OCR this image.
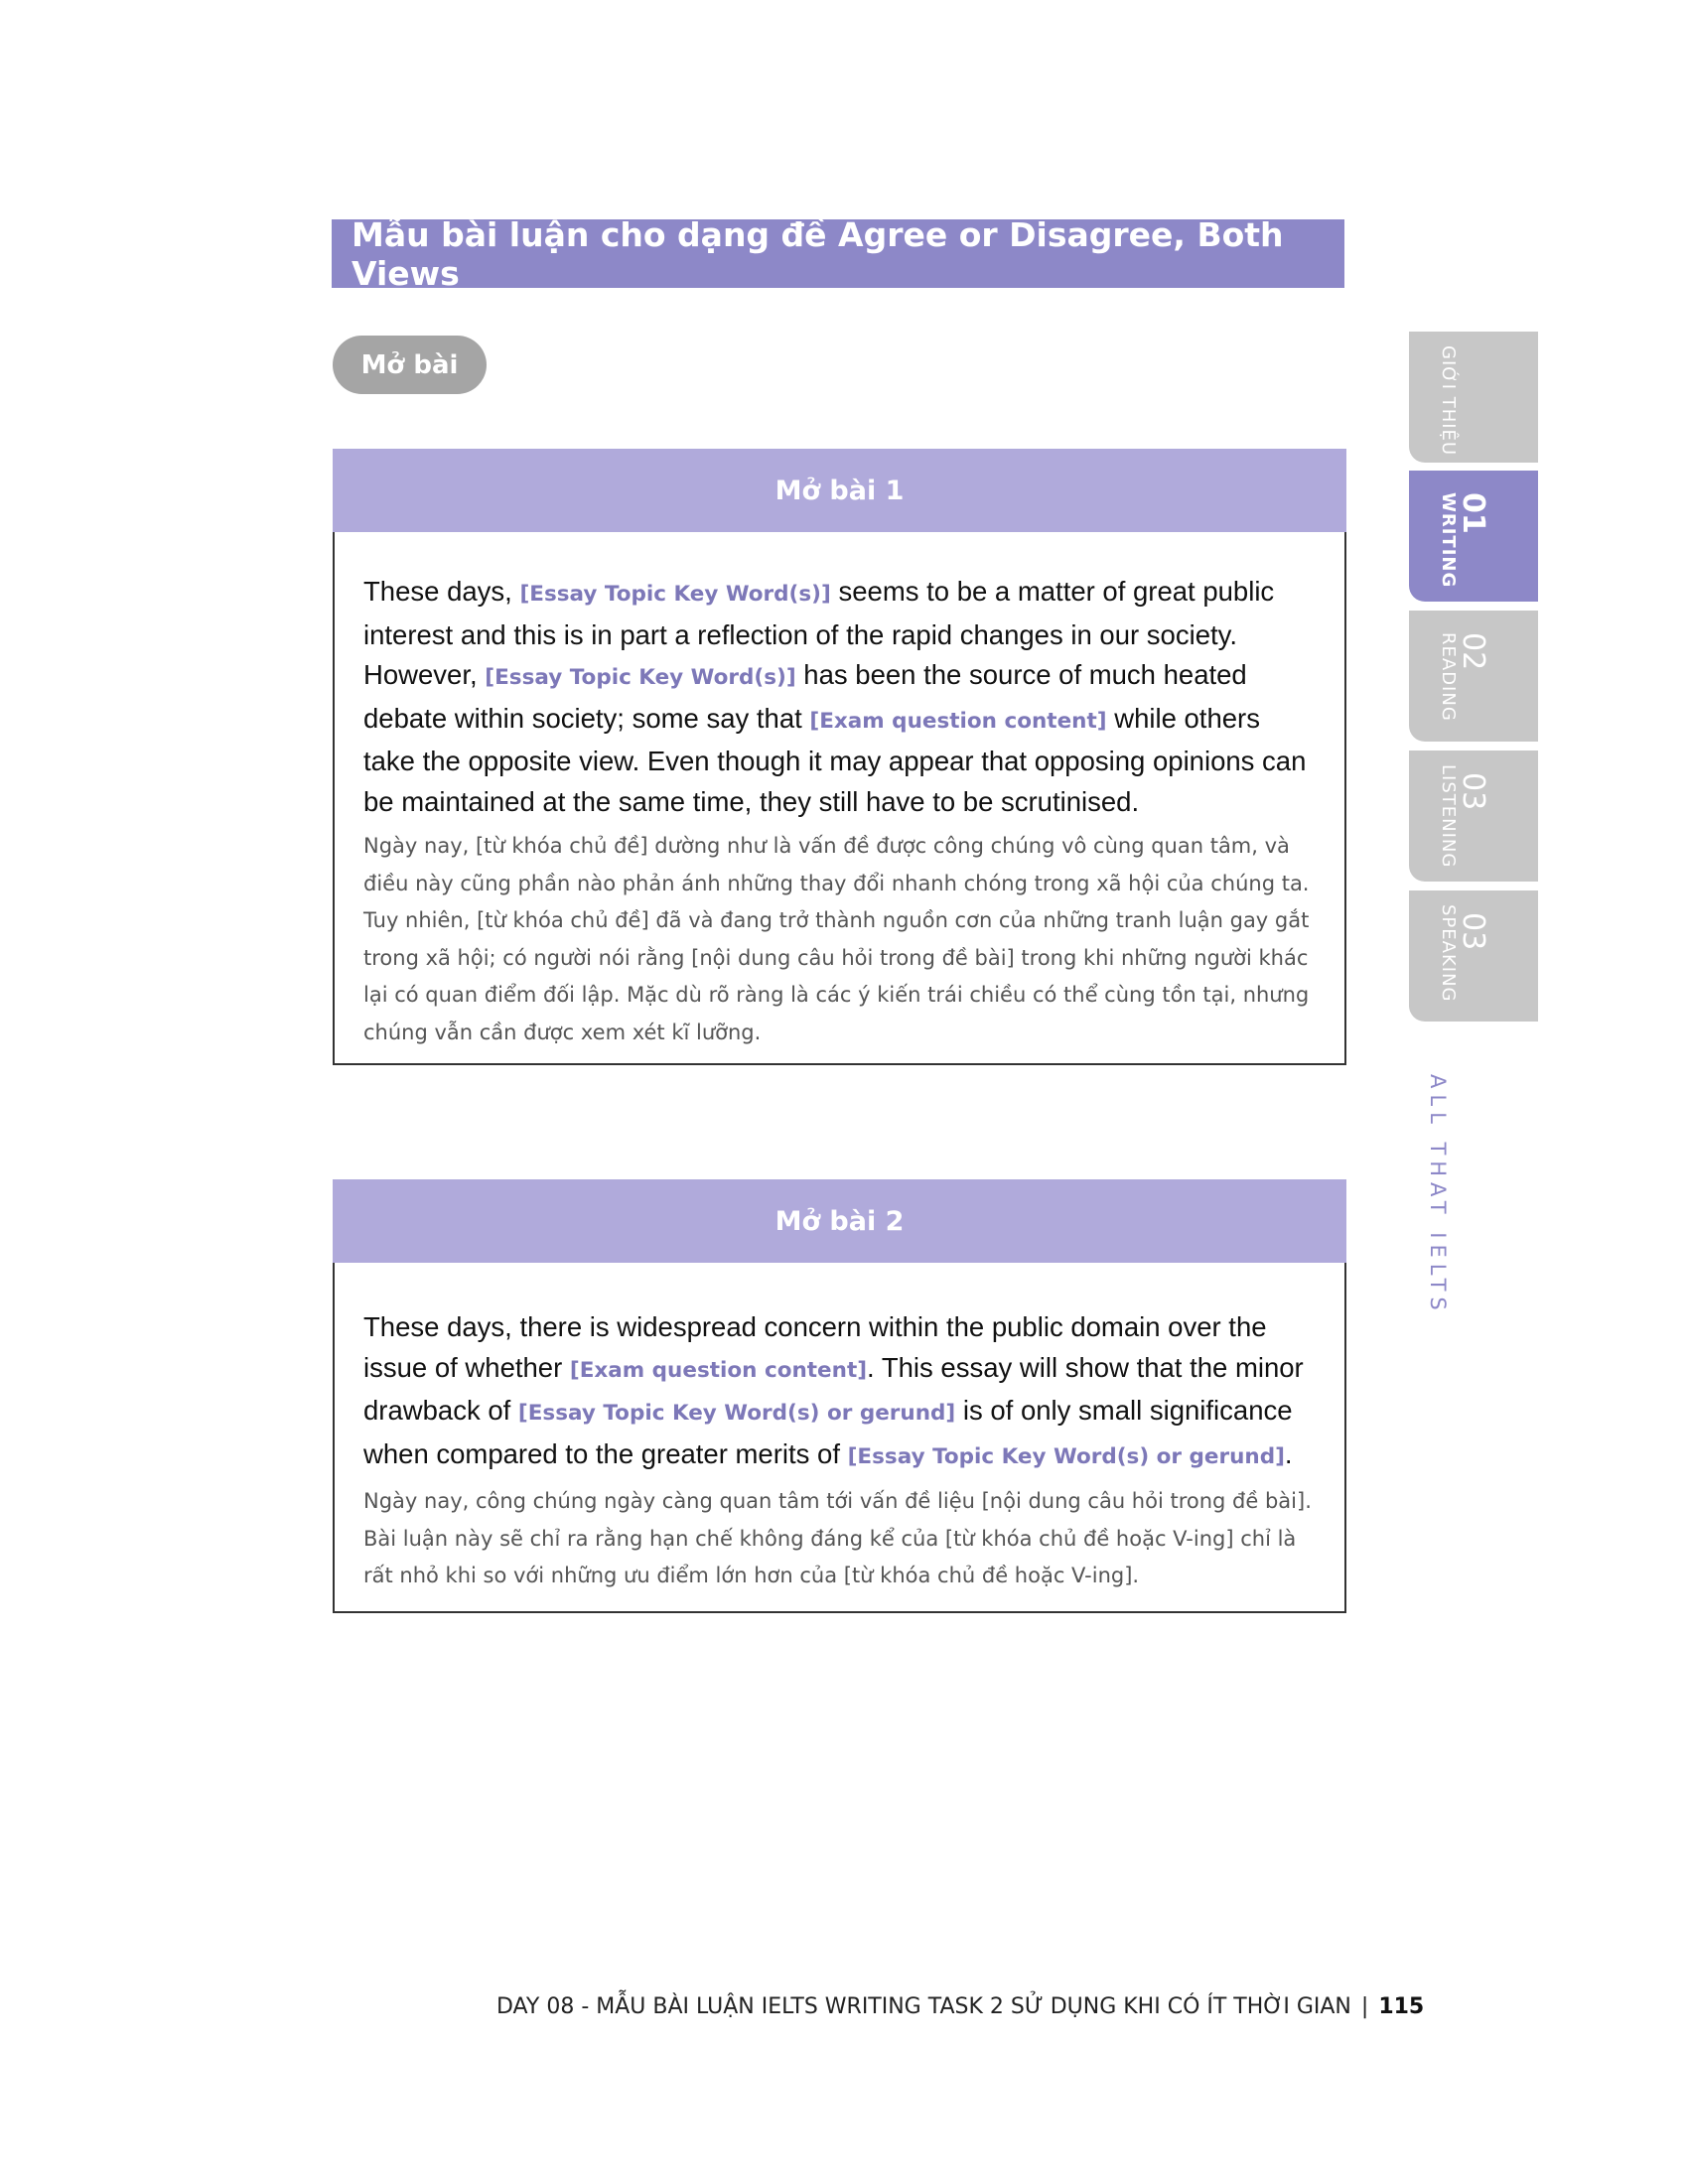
Mẫu bài luận cho dạng đề Agree or Disagree, Both Views
Mở bài
Mở bài 1

These days, [Essay Topic Key Word(s)] seems to be a matter of great public interest and this is in part a reflection of the rapid changes in our society. However, [Essay Topic Key Word(s)] has been the source of much heated debate within society; some say that [Exam question content] while others take the opposite view. Even though it may appear that opposing opinions can be maintained at the same time, they still have to be scrutinised.

Ngày nay, [từ khóa chủ đề] dường như là vấn đề được công chúng vô cùng quan tâm, và điều này cũng phần nào phản ánh những thay đổi nhanh chóng trong xã hội của chúng ta. Tuy nhiên, [từ khóa chủ đề] đã và đang trở thành nguồn cơn của những tranh luận gay gắt trong xã hội; có người nói rằng [nội dung câu hỏi trong đề bài] trong khi những người khác lại có quan điểm đối lập. Mặc dù rõ ràng là các ý kiến trái chiều có thể cùng tồn tại, nhưng chúng vẫn cần được xem xét kĩ lưỡng.

Mở bài 2

These days, there is widespread concern within the public domain over the issue of whether [Exam question content]. This essay will show that the minor drawback of [Essay Topic Key Word(s) or gerund] is of only small significance when compared to the greater merits of [Essay Topic Key Word(s) or gerund].

Ngày nay, công chúng ngày càng quan tâm tới vấn đề liệu [nội dung câu hỏi trong đề bài]. Bài luận này sẽ chỉ ra rằng hạn chế không đáng kể của [từ khóa chủ đề hoặc V-ing] chỉ là rất nhỏ khi so với những ưu điểm lớn hơn của [từ khóa chủ đề hoặc V-ing].

GIỚI THIỆU
01
WRITING
02
READING
03
LISTENING
03
SPEAKING
ALL THAT IELTS
DAY 08 - MẪU BÀI LUẬN IELTS WRITING TASK 2 SỬ DỤNG KHI CÓ ÍT THỜI GIAN | 115
